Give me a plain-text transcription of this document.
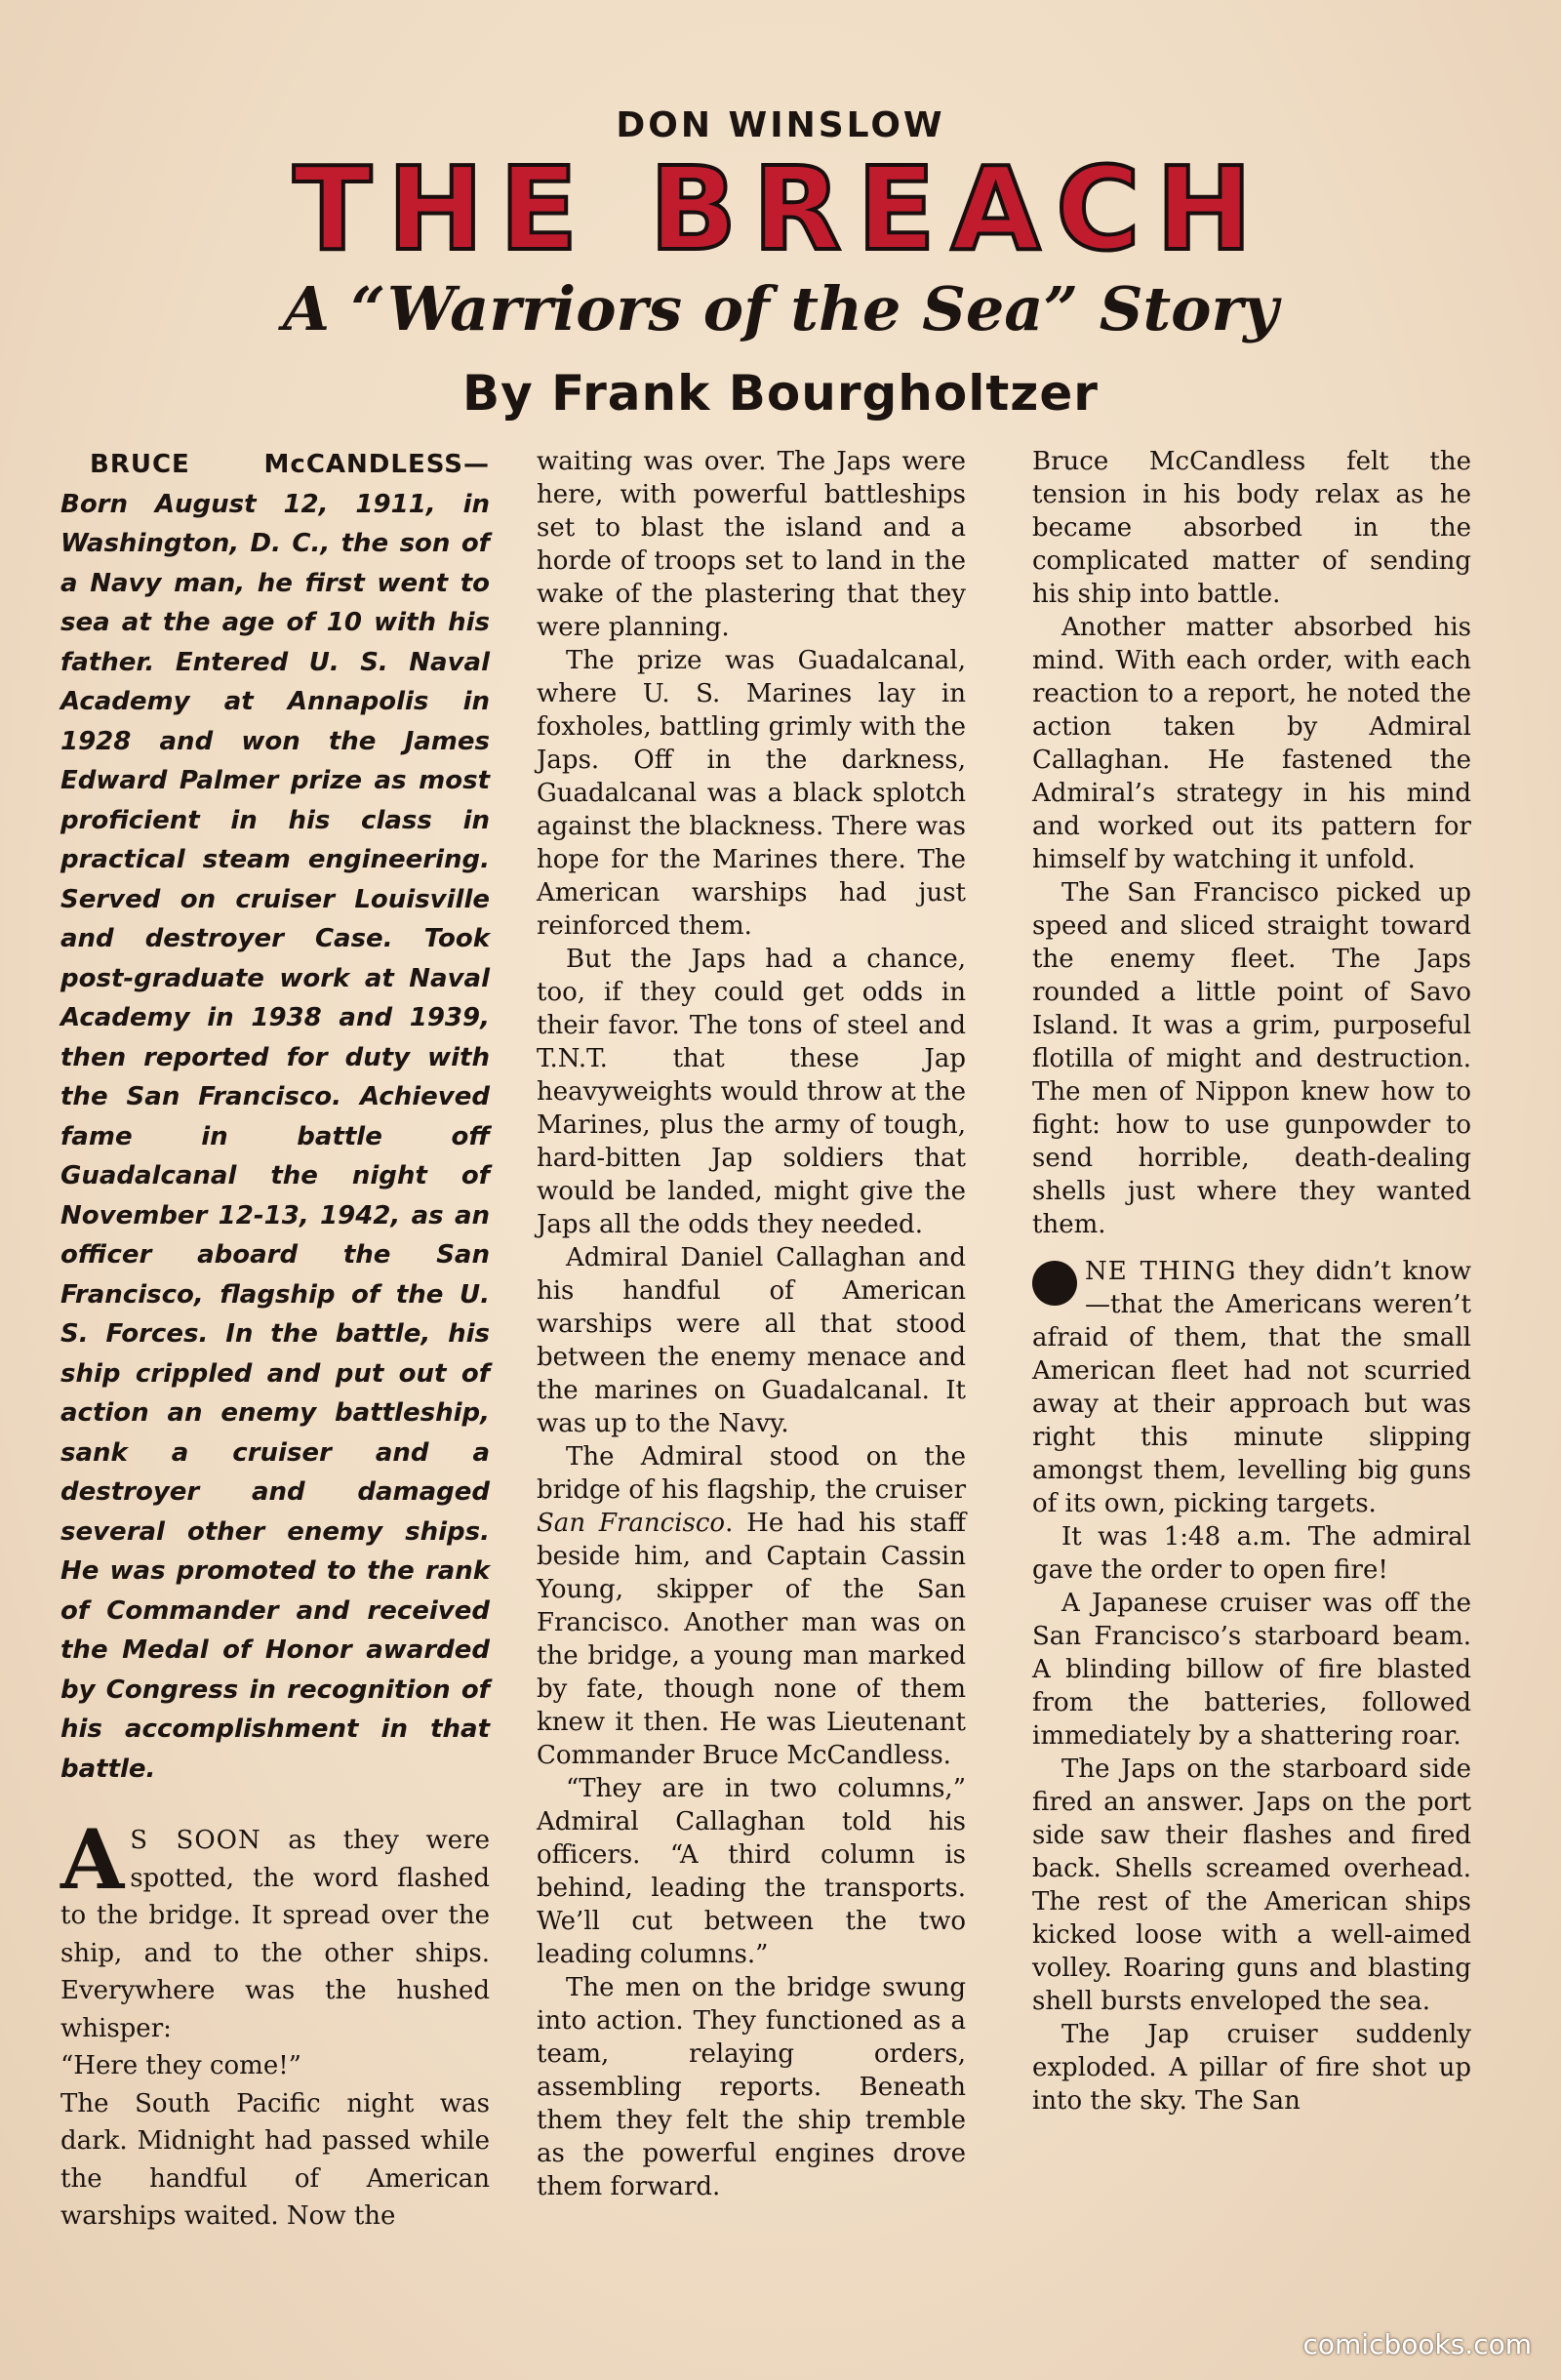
DON WINSLOW
THE BREACH
A “Warriors of the Sea” Story
By Frank Bourgholtzer

BRUCE McCANDLESS—Born August 12, 1911, in Washington, D. C., the son of a Navy man, he first went to sea at the age of 10 with his father. Entered U. S. Naval Academy at Annapolis in 1928 and won the James Edward Palmer prize as most proficient in his class in practical steam engineering. Served on cruiser Louisville and destroyer Case. Took post-graduate work at Naval Academy in 1938 and 1939, then reported for duty with the San Francisco. Achieved fame in battle off Guadalcanal the night of November 12-13, 1942, as an officer aboard the San Francisco, flagship of the U. S. Forces. In the battle, his ship crippled and put out of action an enemy battleship, sank a cruiser and a destroyer and damaged several other enemy ships. He was promoted to the rank of Commander and received the Medal of Honor awarded by Congress in recognition of his accomplishment in that battle.

A S SOON as they were spotted, the word flashed to the bridge. It spread over the ship, and to the other ships. Everywhere was the hushed whisper:

“Here they come!”

The South Pacific night was dark. Midnight had passed while the handful of American warships waited. Now the

waiting was over. The Japs were here, with powerful battleships set to blast the island and a horde of troops set to land in the wake of the plastering that they were planning.

The prize was Guadalcanal, where U. S. Marines lay in foxholes, battling grimly with the Japs. Off in the darkness, Guadalcanal was a black splotch against the blackness. There was hope for the Marines there. The American warships had just reinforced them.

But the Japs had a chance, too, if they could get odds in their favor. The tons of steel and T.N.T. that these Jap heavyweights would throw at the Marines, plus the army of tough, hard-bitten Jap soldiers that would be landed, might give the Japs all the odds they needed.

Admiral Daniel Callaghan and his handful of American warships were all that stood between the enemy menace and the marines on Guadalcanal. It was up to the Navy.

The Admiral stood on the bridge of his flagship, the cruiser San Francisco. He had his staff beside him, and Captain Cassin Young, skipper of the San Francisco. Another man was on the bridge, a young man marked by fate, though none of them knew it then. He was Lieutenant Commander Bruce McCandless.

“They are in two columns,” Admiral Callaghan told his officers. “A third column is behind, leading the transports. We’ll cut between the two leading columns.”

The men on the bridge swung into action. They functioned as a team, relaying orders, assembling reports. Beneath them they felt the ship tremble as the powerful engines drove them forward.

Bruce McCandless felt the tension in his body relax as he became absorbed in the complicated matter of sending his ship into battle.

Another matter absorbed his mind. With each order, with each reaction to a report, he noted the action taken by Admiral Callaghan. He fastened the Admiral’s strategy in his mind and worked out its pattern for himself by watching it unfold.

The San Francisco picked up speed and sliced straight toward the enemy fleet. The Japs rounded a little point of Savo Island. It was a grim, purposeful flotilla of might and destruction. The men of Nippon knew how to fight: how to use gunpowder to send horrible, death-dealing shells just where they wanted them.

O	NE THING they didn’t know—that the Americans weren’t afraid of them, that the small American fleet had not scurried away at their approach but was right this minute slipping amongst them, levelling big guns of its own, picking targets.

It was 1:48 a.m. The admiral gave the order to open fire!

A Japanese cruiser was off the San Francisco’s starboard beam. A blinding billow of fire blasted from the batteries, followed immediately by a shattering roar.

The Japs on the starboard side fired an answer. Japs on the port side saw their flashes and fired back. Shells screamed overhead. The rest of the American ships kicked loose with a well-aimed volley. Roaring guns and blasting shell bursts enveloped the sea.

The Jap cruiser suddenly exploded. A pillar of fire shot up into the sky. The San

comicbooks.com
